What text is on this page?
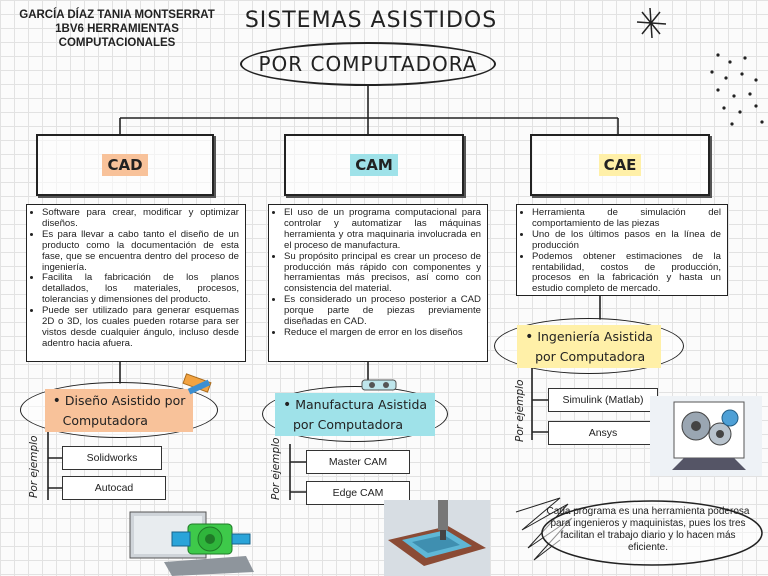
GARCÍA DÍAZ TANIA MONTSERRAT
1BV6 HERRAMIENTAS
COMPUTACIONALES
SISTEMAS ASISTIDOS
POR COMPUTADORA
CAD	CAM	CAE
• Software para crear, modificar y optimizar diseños.
• Es para llevar a cabo tanto el diseño de un producto como la documentación de esta fase, que se encuentra dentro del proceso de ingeniería.
• Facilita la fabricación de los planos detallados, los materiales, procesos, tolerancias y dimensiones del producto.
• Puede ser utilizado para generar esquemas 2D o 3D, los cuales pueden rotarse para ser vistos desde cualquier ángulo, incluso desde adentro hacia afuera.
• El uso de un programa computacional para controlar y automatizar las máquinas herramienta y otra maquinaria involucrada en el proceso de manufactura.
• Su propósito principal es crear un proceso de producción más rápido con componentes y herramientas más precisos, así como con consistencia del material.
• Es considerado un proceso posterior a CAD porque parte de piezas previamente diseñadas en CAD.
• Reduce el margen de error en los diseños
• Herramienta de simulación del comportamiento de las piezas
• Uno de los últimos pasos en la línea de producción
• Podemos obtener estimaciones de la rentabilidad, costos de producción, procesos en la fabricación y hasta un estudio completo de mercado.
• Diseño Asistido por
Computadora
• Manufactura Asistida
por Computadora
• Ingeniería Asistida
por Computadora
Por ejemplo	Por ejemplo
Por ejemplo
Solidworks
Autocad
Master CAM
Edge CAM
Simulink (Matlab)
Ansys
Cada programa es una herramienta poderosa para ingenieros y maquinistas, pues los tres facilitan el trabajo diario y lo hacen más eficiente.
